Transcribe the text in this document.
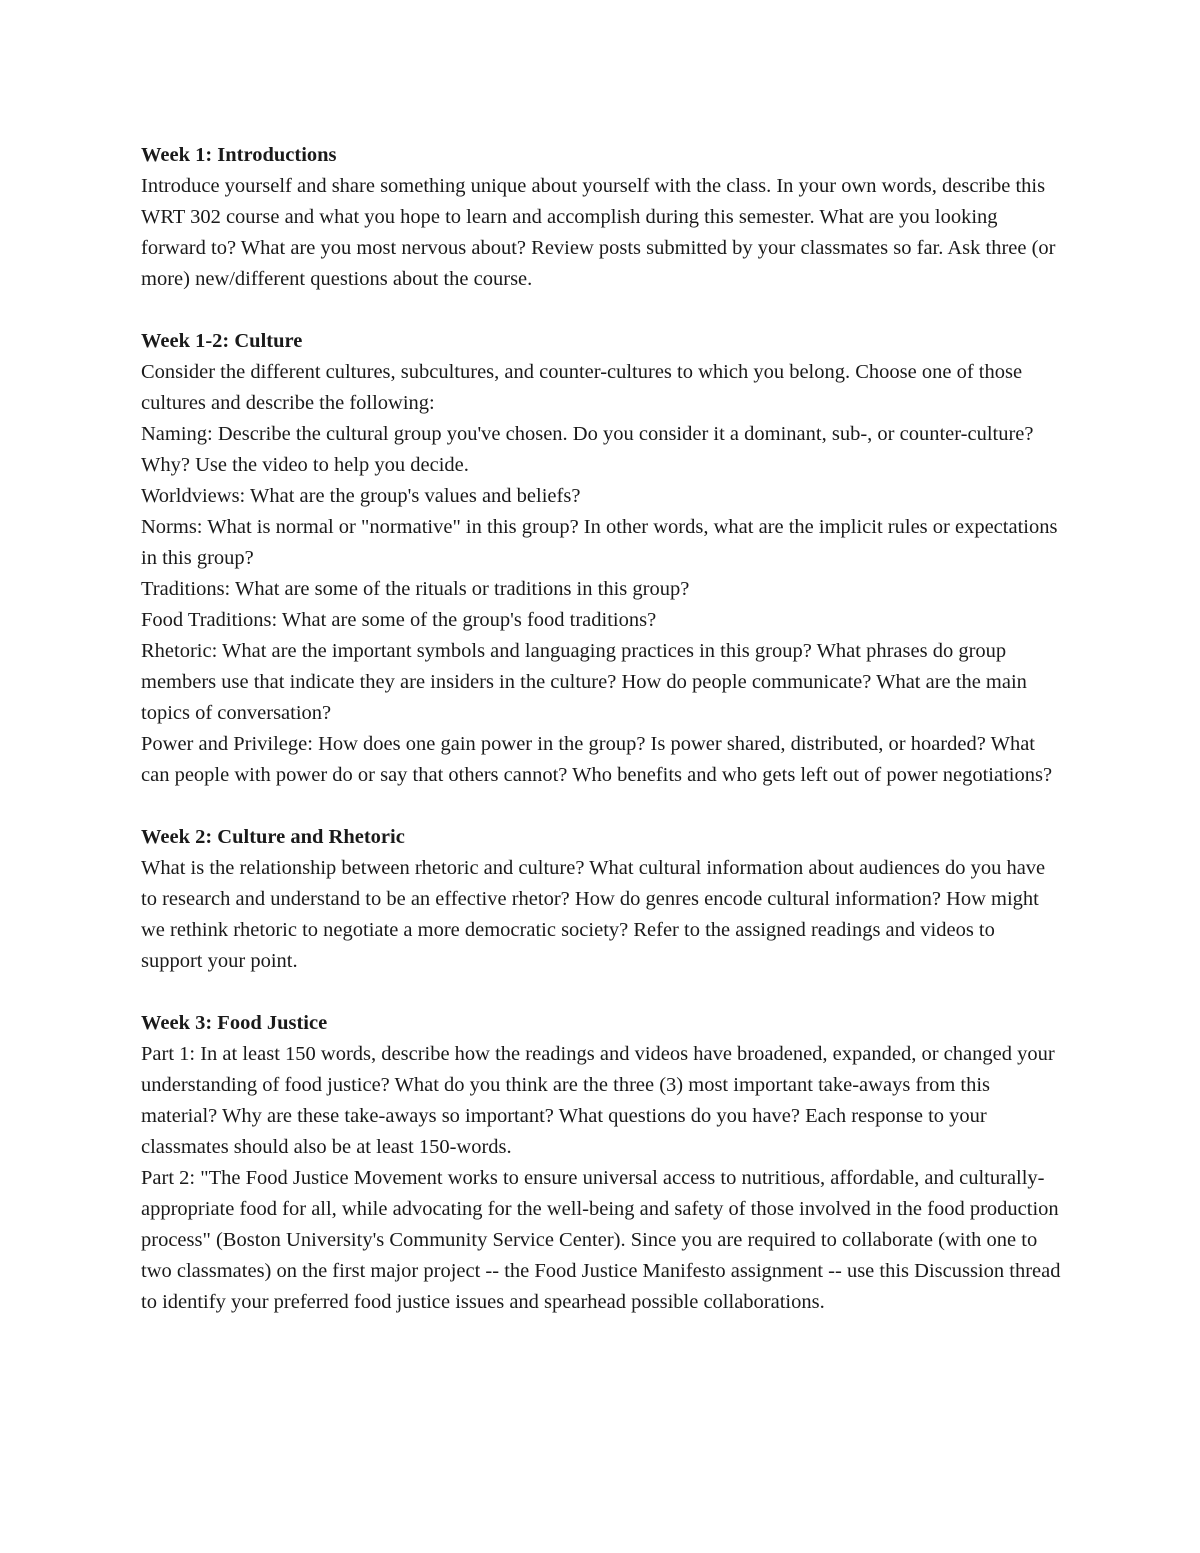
Week 1: Introductions

Introduce yourself and share something unique about yourself with the class. In your own words, describe this WRT 302 course and what you hope to learn and accomplish during this semester. What are you looking forward to? What are you most nervous about? Review posts submitted by your classmates so far. Ask three (or more) new/different questions about the course.

Week 1-2: Culture

Consider the different cultures, subcultures, and counter-cultures to which you belong. Choose one of those cultures and describe the following:

Naming: Describe the cultural group you've chosen. Do you consider it a dominant, sub-, or counter-culture? Why? Use the video to help you decide.

Worldviews: What are the group's values and beliefs?

Norms: What is normal or "normative" in this group? In other words, what are the implicit rules or expectations in this group?

Traditions: What are some of the rituals or traditions in this group?

Food Traditions: What are some of the group's food traditions?

Rhetoric: What are the important symbols and languaging practices in this group? What phrases do group members use that indicate they are insiders in the culture? How do people communicate? What are the main topics of conversation?

Power and Privilege: How does one gain power in the group? Is power shared, distributed, or hoarded? What can people with power do or say that others cannot? Who benefits and who gets left out of power negotiations?

Week 2: Culture and Rhetoric

What is the relationship between rhetoric and culture? What cultural information about audiences do you have to research and understand to be an effective rhetor? How do genres encode cultural information? How might we rethink rhetoric to negotiate a more democratic society? Refer to the assigned readings and videos to support your point.

Week 3: Food Justice

Part 1: In at least 150 words, describe how the readings and videos have broadened, expanded, or changed your understanding of food justice? What do you think are the three (3) most important take-aways from this material? Why are these take-aways so important? What questions do you have? Each response to your classmates should also be at least 150-words.

Part 2: "The Food Justice Movement works to ensure universal access to nutritious, affordable, and culturally-appropriate food for all, while advocating for the well-being and safety of those involved in the food production process" (Boston University's Community Service Center). Since you are required to collaborate (with one to two classmates) on the first major project -- the Food Justice Manifesto assignment -- use this Discussion thread to identify your preferred food justice issues and spearhead possible collaborations.
